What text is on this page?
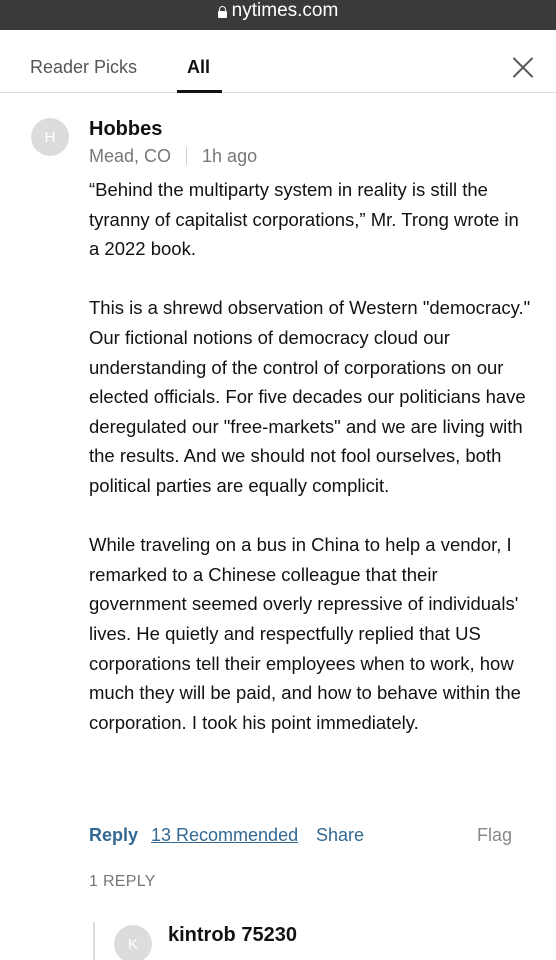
nytimes.com
Reader Picks	All
H	Hobbes
Mead, CO 1h ago

“Behind the multiparty system in reality is still the tyranny of capitalist corporations,” Mr. Trong wrote in a 2022 book.

This is a shrewd observation of Western "democracy." Our fictional notions of democracy cloud our understanding of the control of corporations on our elected officials. For five decades our politicians have deregulated our "free-markets" and we are living with the results. And we should not fool ourselves, both political parties are equally complicit.

While traveling on a bus in China to help a vendor, I remarked to a Chinese colleague that their government seemed overly repressive of individuals' lives. He quietly and respectfully replied that US corporations tell their employees when to work, how much they will be paid, and how to behave within the corporation. I took his point immediately.

Reply 13 Recommended Share	Flag
1 REPLY
K	kintrob 75230
